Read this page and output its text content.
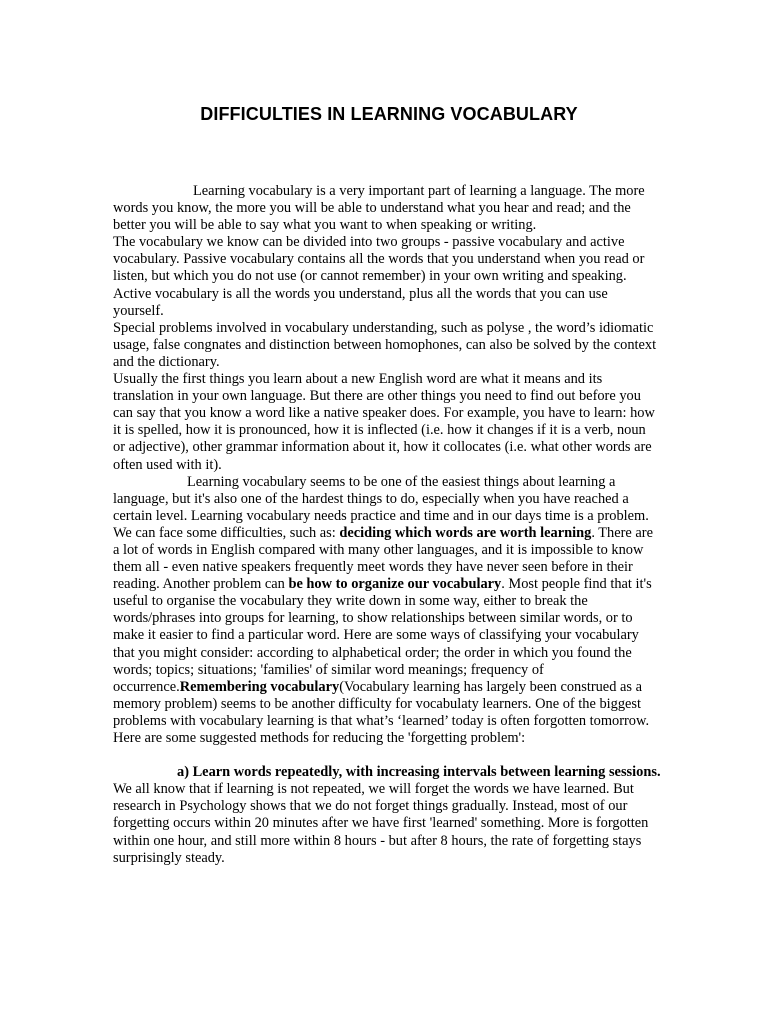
DIFFICULTIES IN LEARNING VOCABULARY

Learning vocabulary is a very important part of learning a language. The more words you know, the more you will be able to understand what you hear and read; and the better you will be able to say what you want to when speaking or writing.

The vocabulary we know can be divided into two groups - passive vocabulary and active vocabulary. Passive vocabulary contains all the words that you understand when you read or listen, but which you do not use (or cannot remember) in your own writing and speaking. Active vocabulary is all the words you understand, plus all the words that you can use yourself.

Special problems involved in vocabulary understanding, such as polyse , the word’s idiomatic usage, false congnates and distinction between homophones, can also be solved by the context and the dictionary.

Usually the first things you learn about a new English word are what it means and its translation in your own language. But there are other things you need to find out before you can say that you know a word like a native speaker does. For example, you have to learn: how it is spelled, how it is pronounced, how it is inflected (i.e. how it changes if it is a verb, noun or adjective), other grammar information about it, how it collocates (i.e. what other words are often used with it).

Learning vocabulary seems to be one of the easiest things about learning a language, but it's also one of the hardest things to do, especially when you have reached a certain level. Learning vocabulary needs practice and time and in our days time is a problem. We can face some difficulties, such as: deciding which words are worth learning. There are a lot of words in English compared with many other languages, and it is impossible to know them all - even native speakers frequently meet words they have never seen before in their reading. Another problem can be how to organize our vocabulary. Most people find that it's useful to organise the vocabulary they write down in some way, either to break the words/phrases into groups for learning, to show relationships between similar words, or to make it easier to find a particular word. Here are some ways of classifying your vocabulary that you might consider: according to alphabetical order; the order in which you found the words; topics; situations; 'families' of similar word meanings; frequency of occurrence.Remembering vocabulary(Vocabulary learning has largely been construed as a memory problem) seems to be another difficulty for vocabulaty learners. One of the biggest problems with vocabulary learning is that what’s ‘learned’ today is often forgotten tomorrow. Here are some suggested methods for reducing the 'forgetting problem':

a) Learn words repeatedly, with increasing intervals between learning sessions. We all know that if learning is not repeated, we will forget the words we have learned. But research in Psychology shows that we do not forget things gradually. Instead, most of our forgetting occurs within 20 minutes after we have first 'learned' something. More is forgotten within one hour, and still more within 8 hours - but after 8 hours, the rate of forgetting stays surprisingly steady.
